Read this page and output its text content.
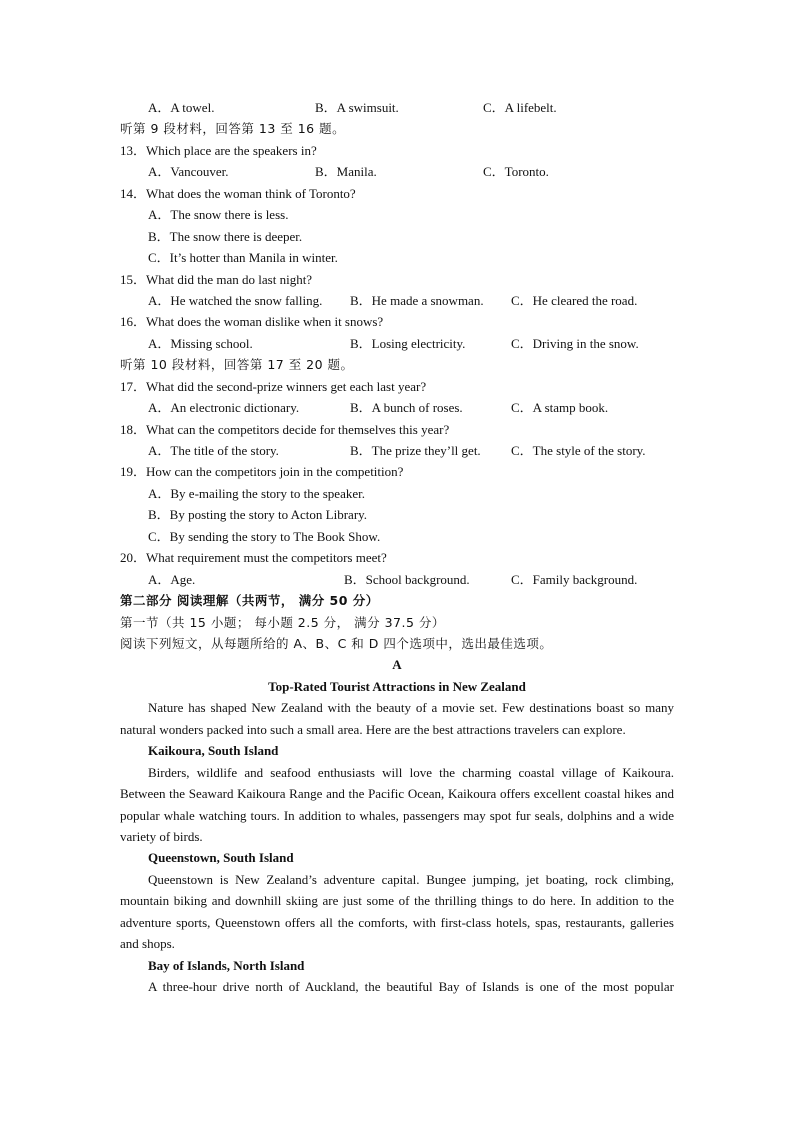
A．A towel.	B．A swimsuit.	C．A lifebelt.
听第 9 段材料，回答第 13 至 16 题。
13．Which place are the speakers in?
A．Vancouver.	B．Manila.	C．Toronto.
14．What does the woman think of Toronto?
A．The snow there is less.
B．The snow there is deeper.
C．It’s hotter than Manila in winter.
15．What did the man do last night?
A．He watched the snow falling. B．He made a snowman. C．He cleared the road.
16．What does the woman dislike when it snows?
A．Missing school.	B．Losing electricity.	C．Driving in the snow.
听第 10 段材料，回答第 17 至 20 题。
17．What did the second-prize winners get each last year?
A．An electronic dictionary.	B．A bunch of roses.	C．A stamp book.
18．What can the competitors decide for themselves this year?
A．The title of the story.	B．The prize they’ll get. C．The style of the story.
19．How can the competitors join in the competition?
A．By e-mailing the story to the speaker.
B．By posting the story to Acton Library.
C．By sending the story to The Book Show.
20．What requirement must the competitors meet?
A．Age.	B．School background.	C．Family background.
第二部分 阅读理解（共两节， 满分 50 分）
第一节（共 15 小题； 每小题 2.5 分， 满分 37.5 分）
阅读下列短文，从每题所给的 A、B、C 和 D 四个选项中，选出最佳选项。
A
Top-Rated Tourist Attractions in New Zealand

Nature has shaped New Zealand with the beauty of a movie set. Few destinations boast so many natural wonders packed into such a small area. Here are the best attractions travelers can explore.

Kaikoura, South Island

Birders, wildlife and seafood enthusiasts will love the charming coastal village of Kaikoura. Between the Seaward Kaikoura Range and the Pacific Ocean, Kaikoura offers excellent coastal hikes and popular whale watching tours. In addition to whales, passengers may spot fur seals, dolphins and a wide variety of birds.

Queenstown, South Island

Queenstown is New Zealand’s adventure capital. Bungee jumping, jet boating, rock climbing, mountain biking and downhill skiing are just some of the thrilling things to do here. In addition to the adventure sports, Queenstown offers all the comforts, with first-class hotels, spas, restaurants, galleries and shops.

Bay of Islands, North Island

A three-hour drive north of Auckland, the beautiful Bay of Islands is one of the most popular
